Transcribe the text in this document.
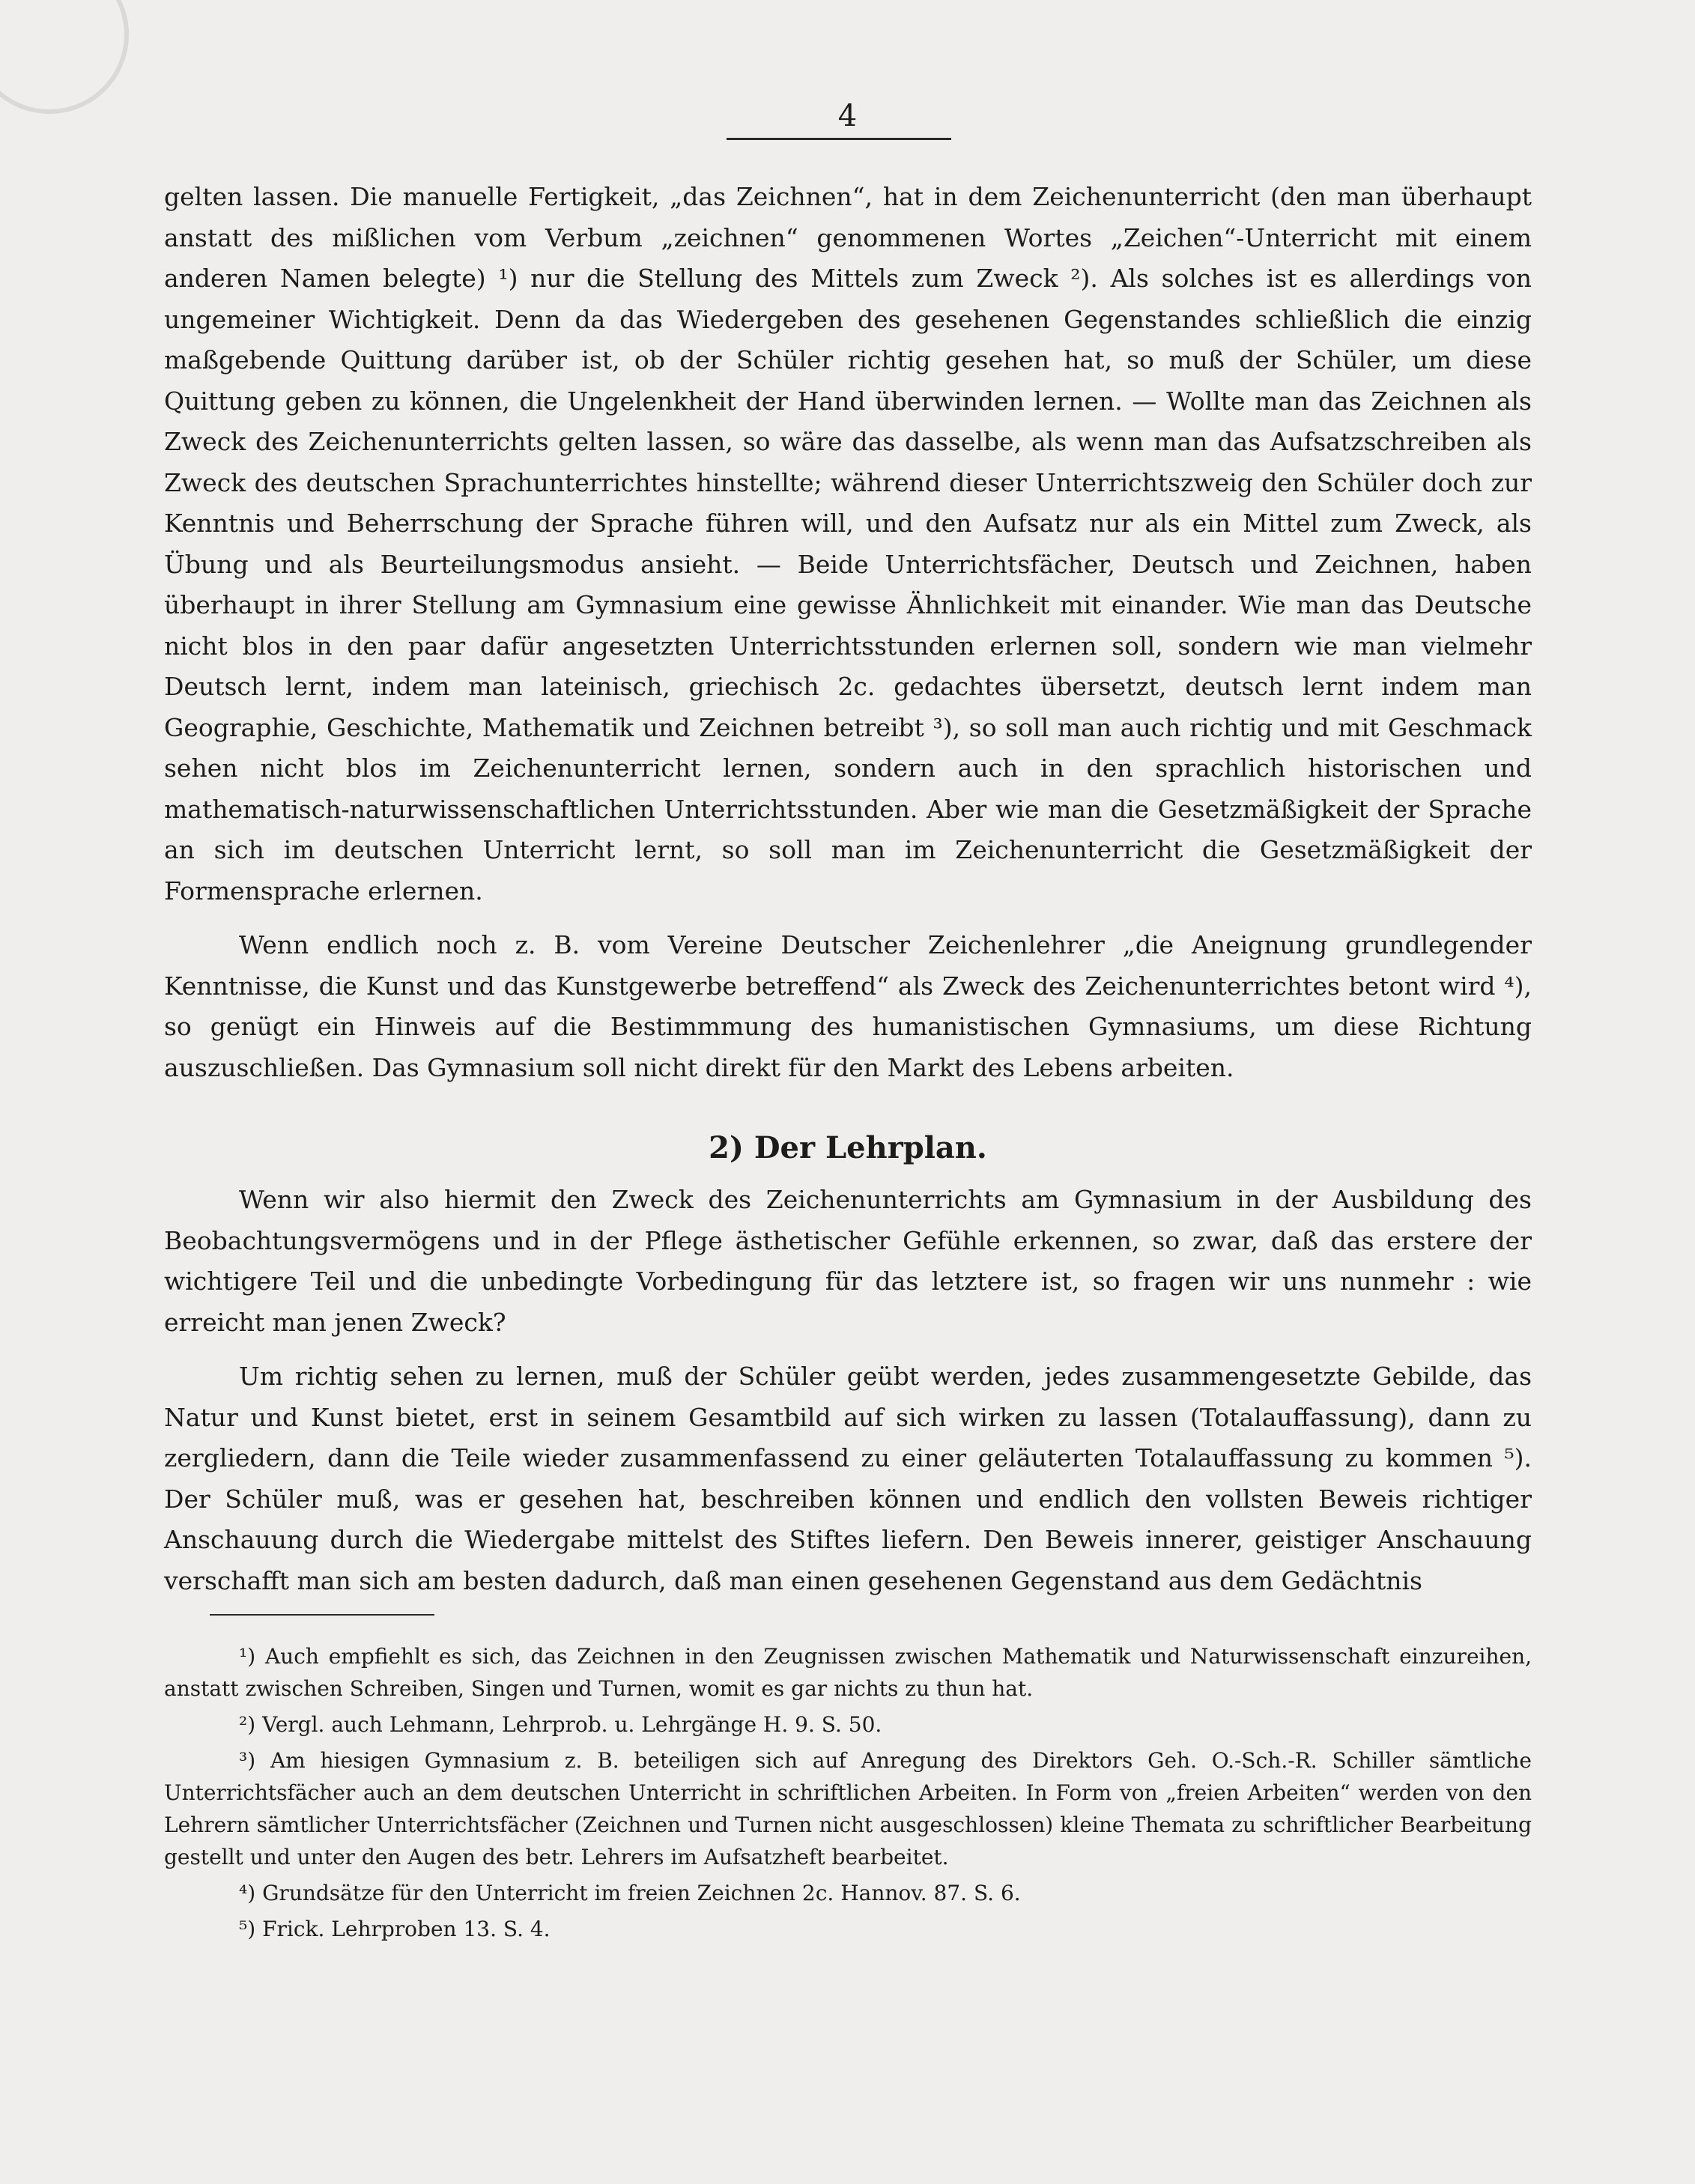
4

gelten lassen. Die manuelle Fertigkeit, „das Zeichnen“, hat in dem Zeichenunterricht (den man überhaupt anstatt des mißlichen vom Verbum „zeichnen“ genommenen Wortes „Zeichen“-Unterricht mit einem anderen Namen belegte) ¹) nur die Stellung des Mittels zum Zweck ²). Als solches ist es allerdings von ungemeiner Wichtigkeit. Denn da das Wiedergeben des gesehenen Gegenstandes schließlich die einzig maßgebende Quittung darüber ist, ob der Schüler richtig gesehen hat, so muß der Schüler, um diese Quittung geben zu können, die Ungelenkheit der Hand überwinden lernen. — Wollte man das Zeichnen als Zweck des Zeichenunterrichts gelten lassen, so wäre das dasselbe, als wenn man das Aufsatzschreiben als Zweck des deutschen Sprachunterrichtes hinstellte; während dieser Unterrichtszweig den Schüler doch zur Kenntnis und Beherrschung der Sprache führen will, und den Aufsatz nur als ein Mittel zum Zweck, als Übung und als Beurteilungsmodus ansieht. — Beide Unterrichtsfächer, Deutsch und Zeichnen, haben überhaupt in ihrer Stellung am Gymnasium eine gewisse Ähnlichkeit mit einander. Wie man das Deutsche nicht blos in den paar dafür angesetzten Unterrichtsstunden erlernen soll, sondern wie man vielmehr Deutsch lernt, indem man lateinisch, griechisch 2c. gedachtes übersetzt, deutsch lernt indem man Geographie, Geschichte, Mathematik und Zeichnen betreibt ³), so soll man auch richtig und mit Geschmack sehen nicht blos im Zeichenunterricht lernen, sondern auch in den sprachlich historischen und mathematisch-naturwissenschaftlichen Unterrichtsstunden. Aber wie man die Gesetzmäßigkeit der Sprache an sich im deutschen Unterricht lernt, so soll man im Zeichenunterricht die Gesetzmäßigkeit der Formensprache erlernen.

Wenn endlich noch z. B. vom Vereine Deutscher Zeichenlehrer „die Aneignung grundlegender Kenntnisse, die Kunst und das Kunstgewerbe betreffend“ als Zweck des Zeichenunterrichtes betont wird ⁴), so genügt ein Hinweis auf die Bestimmmung des humanistischen Gymnasiums, um diese Richtung auszuschließen. Das Gymnasium soll nicht direkt für den Markt des Lebens arbeiten.

2) Der Lehrplan.

Wenn wir also hiermit den Zweck des Zeichenunterrichts am Gymnasium in der Ausbildung des Beobachtungsvermögens und in der Pflege ästhetischer Gefühle erkennen, so zwar, daß das erstere der wichtigere Teil und die unbedingte Vorbedingung für das letztere ist, so fragen wir uns nunmehr : wie erreicht man jenen Zweck?

Um richtig sehen zu lernen, muß der Schüler geübt werden, jedes zusammengesetzte Gebilde, das Natur und Kunst bietet, erst in seinem Gesamtbild auf sich wirken zu lassen (Totalauffassung), dann zu zergliedern, dann die Teile wieder zusammenfassend zu einer geläuterten Totalauffassung zu kommen ⁵). Der Schüler muß, was er gesehen hat, beschreiben können und endlich den vollsten Beweis richtiger Anschauung durch die Wiedergabe mittelst des Stiftes liefern. Den Beweis innerer, geistiger Anschauung verschafft man sich am besten dadurch, daß man einen gesehenen Gegenstand aus dem Gedächtnis

¹) Auch empfiehlt es sich, das Zeichnen in den Zeugnissen zwischen Mathematik und Naturwissenschaft einzureihen, anstatt zwischen Schreiben, Singen und Turnen, womit es gar nichts zu thun hat.

²) Vergl. auch Lehmann, Lehrprob. u. Lehrgänge H. 9. S. 50.

³) Am hiesigen Gymnasium z. B. beteiligen sich auf Anregung des Direktors Geh. O.-Sch.-R. Schiller sämtliche Unterrichtsfächer auch an dem deutschen Unterricht in schriftlichen Arbeiten. In Form von „freien Arbeiten“ werden von den Lehrern sämtlicher Unterrichtsfächer (Zeichnen und Turnen nicht ausgeschlossen) kleine Themata zu schriftlicher Bearbeitung gestellt und unter den Augen des betr. Lehrers im Aufsatzheft bearbeitet.

⁴) Grundsätze für den Unterricht im freien Zeichnen 2c. Hannov. 87. S. 6.

⁵) Frick. Lehrproben 13. S. 4.
